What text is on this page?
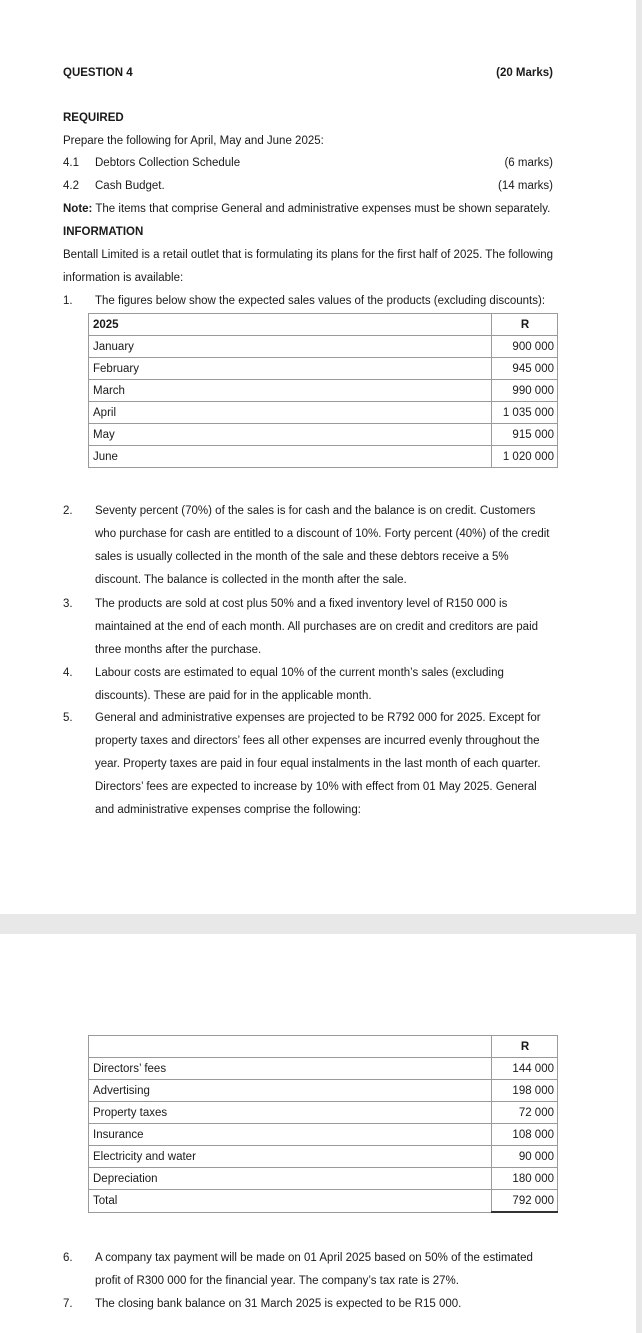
QUESTION 4	(20 Marks)
REQUIRED
Prepare the following for April, May and June 2025:
4.1 Debtors Collection Schedule	(6 marks)
4.2 Cash Budget.	(14 marks)
Note: The items that comprise General and administrative expenses must be shown separately.
INFORMATION
Bentall Limited is a retail outlet that is formulating its plans for the first half of 2025. The following information is available:
1. The figures below show the expected sales values of the products (excluding discounts):
2025	R
January	900 000
February	945 000
March	990 000
April	1 035 000
May	915 000
June	1 020 000
2. Seventy percent (70%) of the sales is for cash and the balance is on credit. Customers who purchase for cash are entitled to a discount of 10%. Forty percent (40%) of the credit sales is usually collected in the month of the sale and these debtors receive a 5% discount. The balance is collected in the month after the sale.
3. The products are sold at cost plus 50% and a fixed inventory level of R150 000 is maintained at the end of each month. All purchases are on credit and creditors are paid three months after the purchase.
4. Labour costs are estimated to equal 10% of the current month’s sales (excluding discounts). These are paid for in the applicable month.
5. General and administrative expenses are projected to be R792 000 for 2025. Except for property taxes and directors’ fees all other expenses are incurred evenly throughout the year. Property taxes are paid in four equal instalments in the last month of each quarter. Directors’ fees are expected to increase by 10% with effect from 01 May 2025. General and administrative expenses comprise the following:
	R
Directors’ fees	144 000
Advertising	198 000
Property taxes	72 000
Insurance	108 000
Electricity and water	90 000
Depreciation	180 000
Total	792 000
6. A company tax payment will be made on 01 April 2025 based on 50% of the estimated profit of R300 000 for the financial year. The company’s tax rate is 27%.
7. The closing bank balance on 31 March 2025 is expected to be R15 000.
